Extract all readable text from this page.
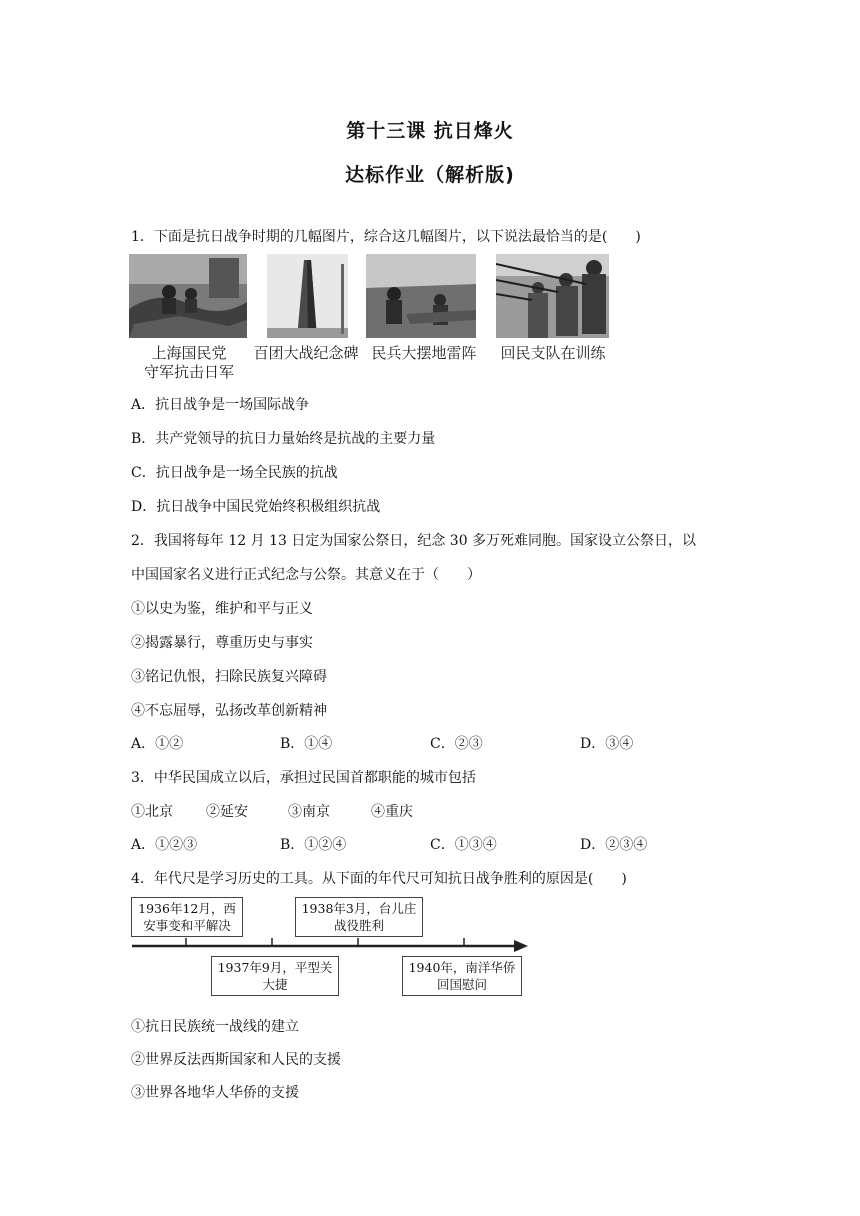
第十三课 抗日烽火
达标作业（解析版)
1．下面是抗日战争时期的几幅图片，综合这几幅图片，以下说法最恰当的是(　　)
上海国民党
守军抗击日军
百团大战纪念碑 民兵大摆地雷阵	回民支队在训练
A．抗日战争是一场国际战争
B．共产党领导的抗日力量始终是抗战的主要力量
C．抗日战争是一场全民族的抗战
D．抗日战争中国民党始终积极组织抗战
2．我国将每年 12 月 13 日定为国家公祭日，纪念 30 多万死难同胞。国家设立公祭日，以
中国国家名义进行正式纪念与公祭。其意义在于（　　）
①以史为鉴，维护和平与正义
②揭露暴行，尊重历史与事实
③铭记仇恨，扫除民族复兴障碍
④不忘屈辱，弘扬改革创新精神
A．①②	B．①④	C．②③	D．③④
3．中华民国成立以后，承担过民国首都职能的城市包括
①北京 ②延安	③南京	④重庆
A．①②③	B．①②④	C．①③④	D．②③④
4．年代尺是学习历史的工具。从下面的年代尺可知抗日战争胜利的原因是(　　)
1936年12月，西
安事变和平解决
1938年3月，台儿庄
战役胜利
1937年9月，平型关
大捷
1940年，南洋华侨
回国慰问
①抗日民族统一战线的建立
②世界反法西斯国家和人民的支援
③世界各地华人华侨的支援
